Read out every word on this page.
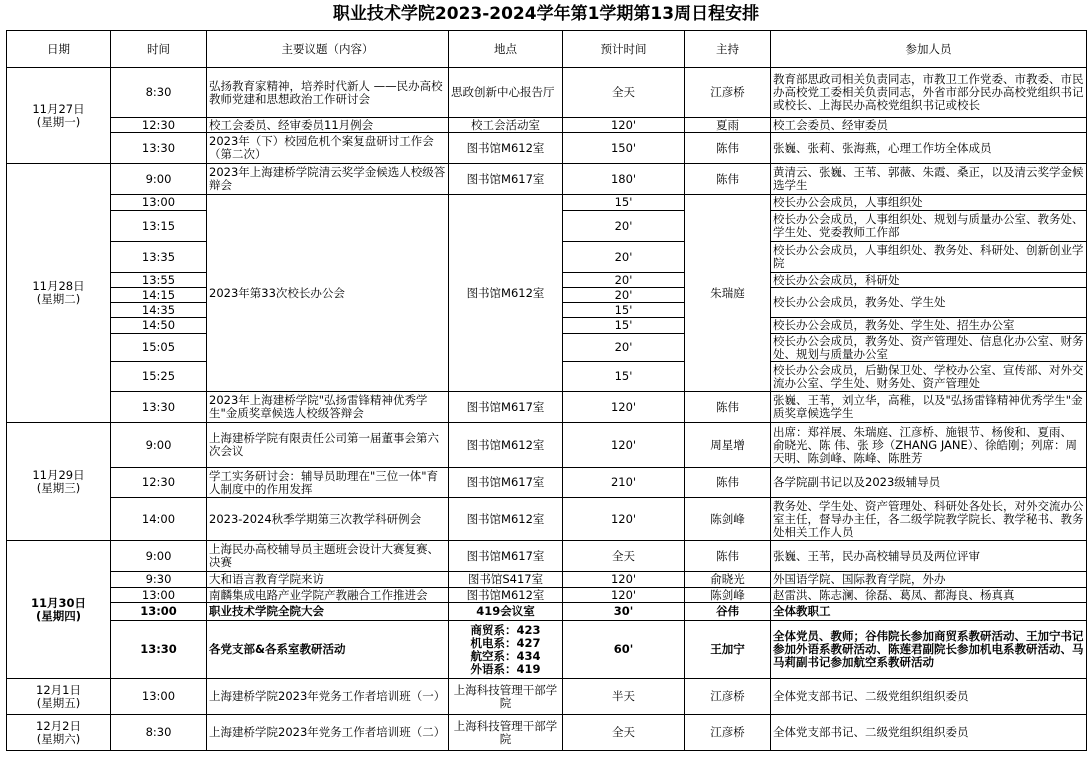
职业技术学院2023-2024学年第1学期第13周日程安排
日期	时间	主要议题（内容）	地点	预计时间	主持	参加人员

11月27日
(星期一)	8:30	弘扬教育家精神，培养时代新人 ——民办高校教师党建和思想政治工作研讨会	思政创新中心报告厅	全天	江彦桥	教育部思政司相关负责同志，市教卫工作党委、市教委、市民办高校党工委相关负责同志，外省市部分民办高校党组织书记或校长、上海民办高校党组织书记或校长
	12:30	校工会委员、经审委员11月例会	校工会活动室	120'	夏雨	校工会委员、经审委员
	13:30	2023年（下）校园危机个案复盘研讨工作会（第二次）	图书馆M612室	150'	陈伟	张巍、张莉、张海燕，心理工作坊全体成员

11月28日
(星期二)	9:00	2023年上海建桥学院清云奖学金候选人校级答辩会	图书馆M617室	180'	陈伟	黄清云、张巍、王苇、郭薇、朱霞、桑正，以及清云奖学金候选学生
	13:00	2023年第33次校长办公会	图书馆M612室	15'	朱瑞庭	校长办公会成员，人事组织处
	13:15			20'		校长办公会成员，人事组织处、规划与质量办公室、教务处、学生处、党委教师工作部
	13:35			20'		校长办公会成员，人事组织处、教务处、科研处、创新创业学院
	13:55			20'		校长办公会成员，科研处
	14:15			20'		校长办公会成员，教务处、学生处
	14:35			15'		
	14:50			15'		校长办公会成员，教务处、学生处、招生办公室
	15:05			20'		校长办公会成员，教务处、资产管理处、信息化办公室、财务处、规划与质量办公室
	15:25			15'		校长办公会成员，后勤保卫处、学校办公室、宣传部、对外交流办公室、学生处、财务处、资产管理处
	13:30	2023年上海建桥学院"弘扬雷锋精神优秀学生"金质奖章候选人校级答辩会	图书馆M617室	120'	陈伟	张巍、王苇，刘立华，高稚，以及"弘扬雷锋精神优秀学生"金质奖章候选学生

11月29日
(星期三)	9:00	上海建桥学院有限责任公司第一届董事会第六次会议	图书馆M612室	120'	周星增	出席：郑祥展、朱瑞庭、江彦桥、施银节、杨俊和、夏雨、 俞晓光、陈 伟、张 珍（ZHANG JANE）、徐皓刚；列席：周天明、陈剑峰、陈峰、陈胜芳
	12:30	学工实务研讨会：辅导员助理在"三位一体"育人制度中的作用发挥	图书馆M617室	210'	陈伟	各学院副书记以及2023级辅导员
	14:00	2023-2024秋季学期第三次教学科研例会	图书馆M612室	120'	陈剑峰	教务处、学生处、资产管理处、科研处各处长，对外交流办公室主任，督导办主任，各二级学院教学院长、教学秘书、教务处相关工作人员

11月30日
(星期四)	9:00	上海民办高校辅导员主题班会设计大赛复赛、决赛	图书馆M617室	全天	陈伟	张巍、王苇，民办高校辅导员及两位评审
	9:30	大和语言教育学院来访	图书馆S417室	120'	俞晓光	外国语学院、国际教育学院，外办
	13:00	南麟集成电路产业学院产教融合工作推进会	图书馆M612室	120'	陈剑峰	赵雷洪、陈志澜、徐磊、葛凤、都海良、杨真真
	13:00	职业技术学院全院大会	419会议室	30'	谷伟	全体教职工
	13:30	各党支部&各系室教研活动	商贸系：423
机电系：427
航空系：434
外语系：419	60'	王加宁	全体党员、教师；谷伟院长参加商贸系教研活动、王加宁书记参加外语系教研活动、陈莲君副院长参加机电系教研活动、马马莉副书记参加航空系教研活动

12月1日
(星期五)	13:00	上海建桥学院2023年党务工作者培训班（一）	上海科技管理干部学院	半天	江彦桥	全体党支部书记、二级党组织组织委员

12月2日
(星期六)	8:30	上海建桥学院2023年党务工作者培训班（二）	上海科技管理干部学院	全天	江彦桥	全体党支部书记、二级党组织组织委员
